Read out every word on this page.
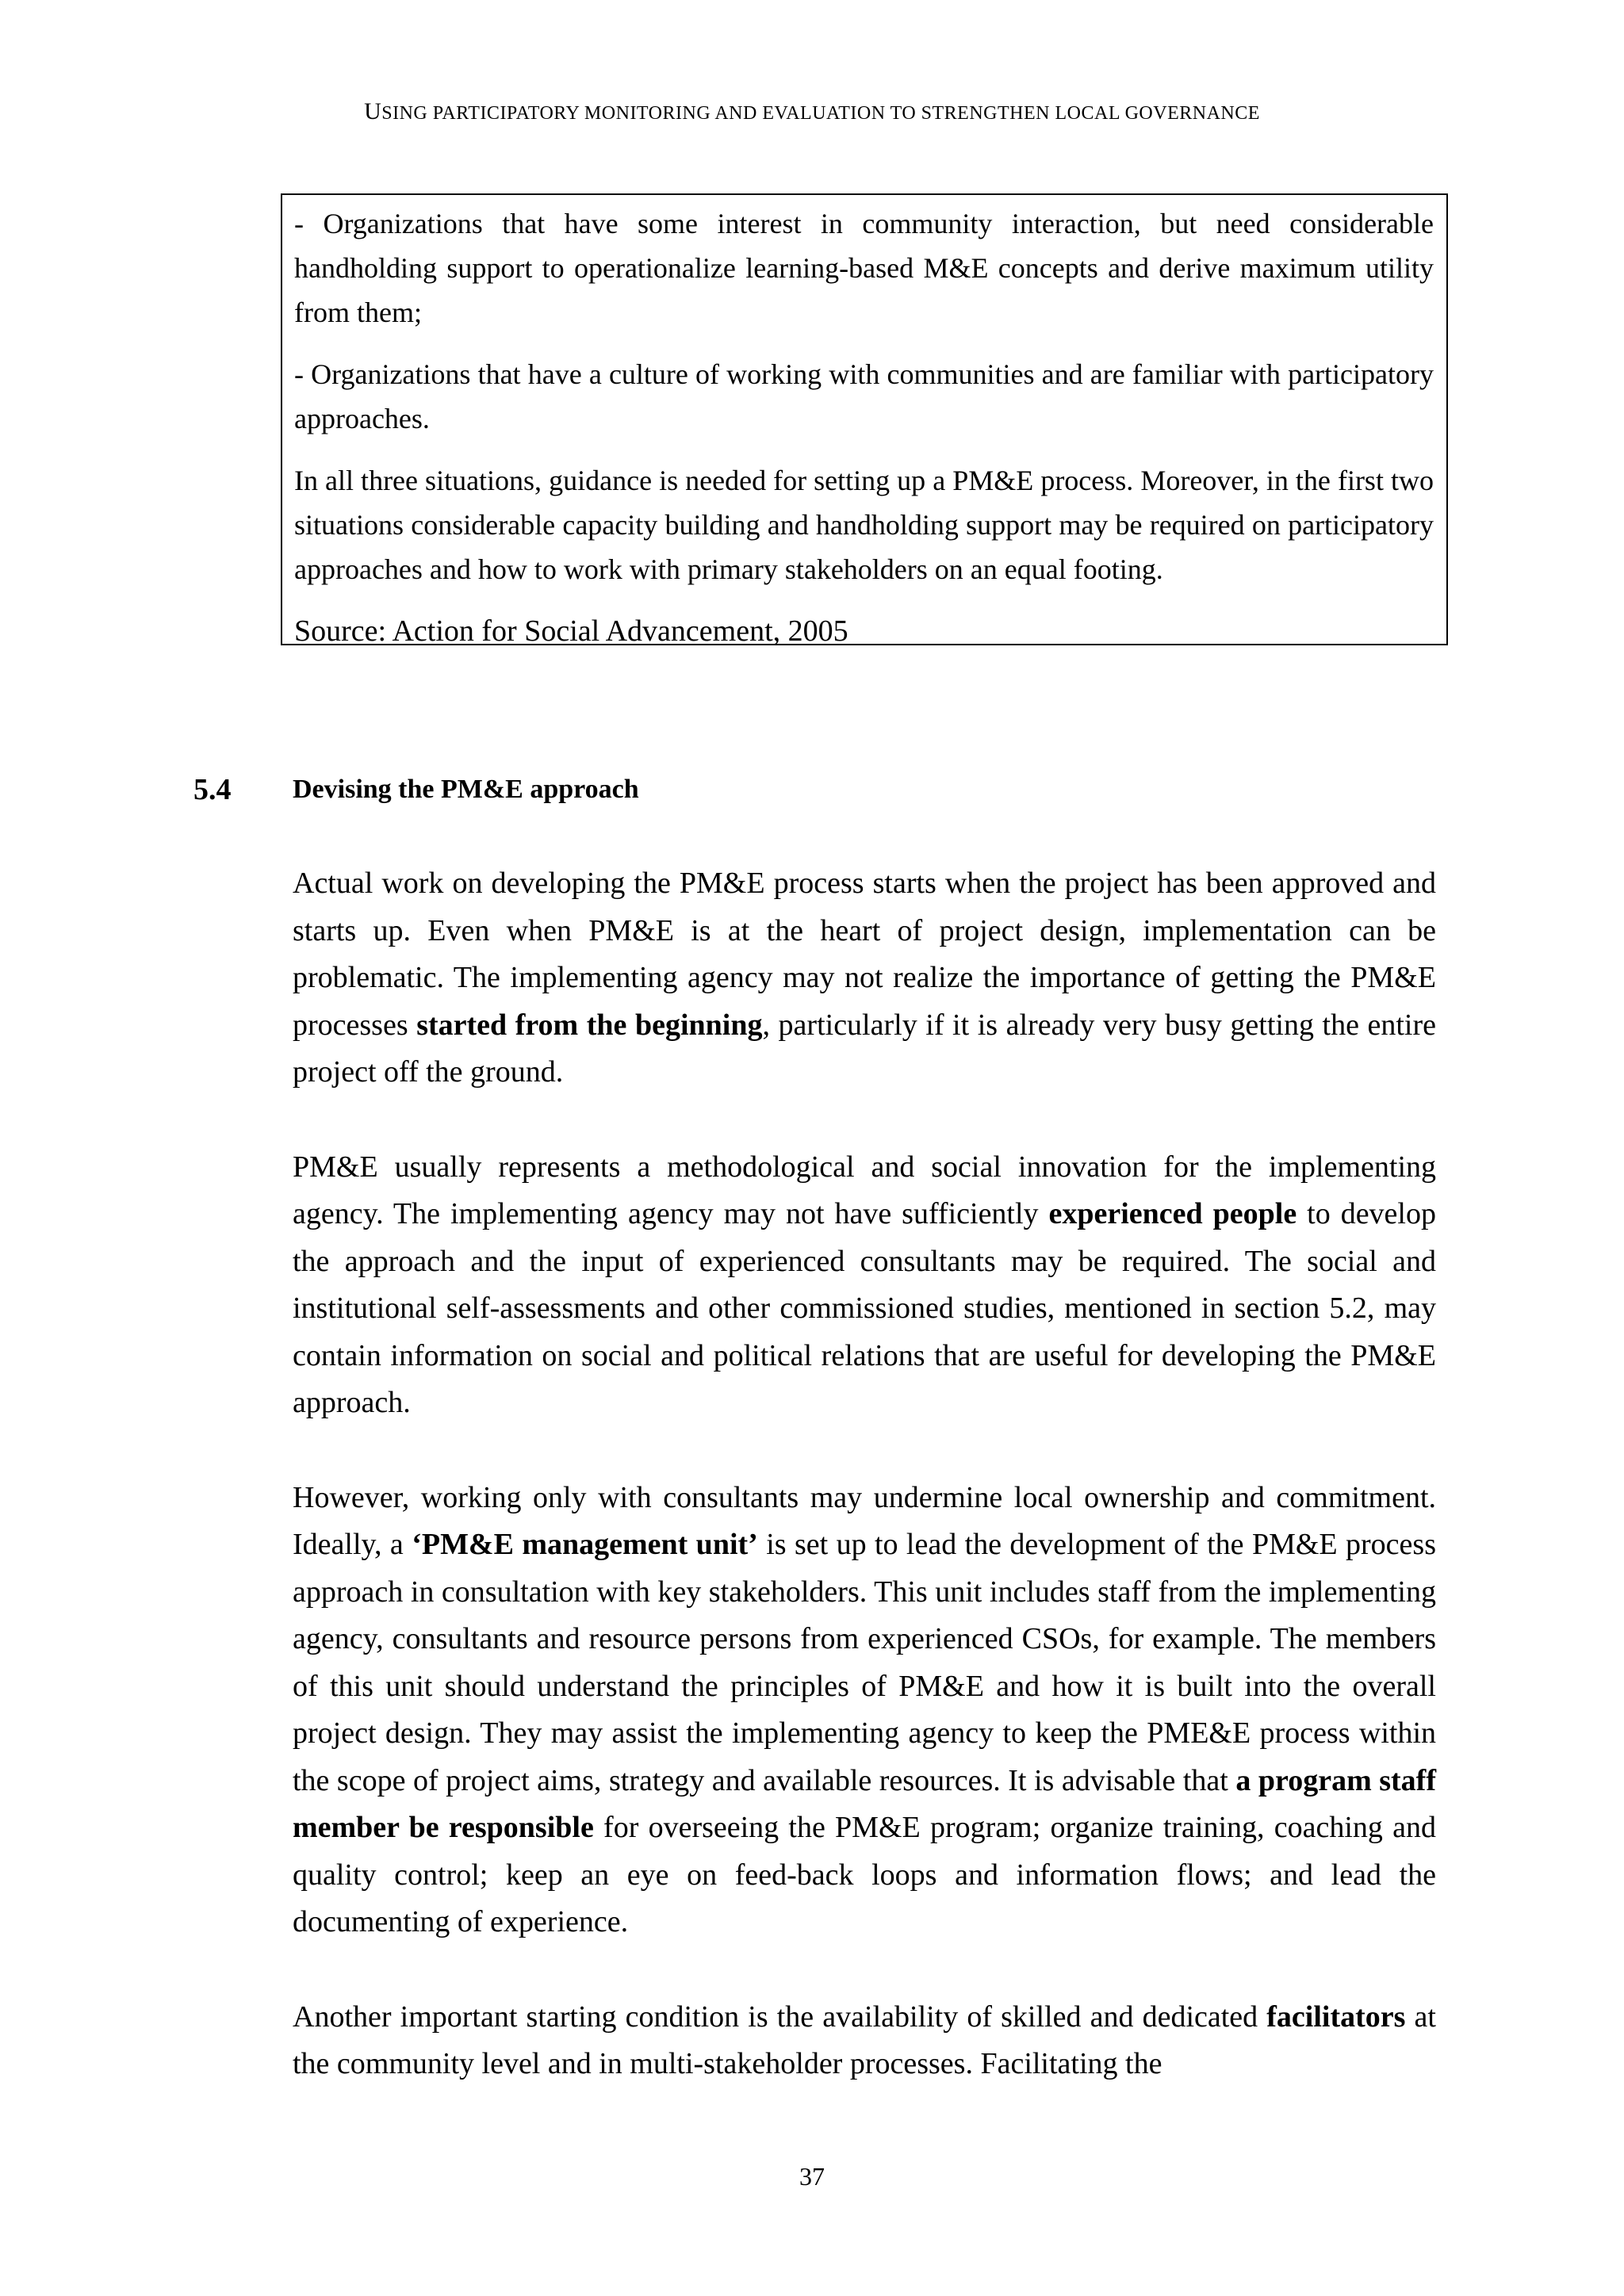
USING PARTICIPATORY MONITORING AND EVALUATION TO STRENGTHEN LOCAL GOVERNANCE

- Organizations that have some interest in community interaction, but need considerable handholding support to operationalize learning-based M&E concepts and derive maximum utility from them;

- Organizations that have a culture of working with communities and are familiar with participatory approaches.

In all three situations, guidance is needed for setting up a PM&E process. Moreover, in the first two situations considerable capacity building and handholding support may be required on participatory approaches and how to work with primary stakeholders on an equal footing.

Source: Action for Social Advancement, 2005

5.4 Devising the PM&E approach

Actual work on developing the PM&E process starts when the project has been approved and starts up. Even when PM&E is at the heart of project design, implementation can be problematic. The implementing agency may not realize the importance of getting the PM&E processes started from the beginning, particularly if it is already very busy getting the entire project off the ground.

PM&E usually represents a methodological and social innovation for the implementing agency. The implementing agency may not have sufficiently experienced people to develop the approach and the input of experienced consultants may be required. The social and institutional self-assessments and other commissioned studies, mentioned in section 5.2, may contain information on social and political relations that are useful for developing the PM&E approach.

However, working only with consultants may undermine local ownership and commitment. Ideally, a ‘PM&E management unit’ is set up to lead the development of the PM&E process approach in consultation with key stakeholders. This unit includes staff from the implementing agency, consultants and resource persons from experienced CSOs, for example. The members of this unit should understand the principles of PM&E and how it is built into the overall project design. They may assist the implementing agency to keep the PME&E process within the scope of project aims, strategy and available resources. It is advisable that a program staff member be responsible for overseeing the PM&E program; organize training, coaching and quality control; keep an eye on feed-back loops and information flows; and lead the documenting of experience.

Another important starting condition is the availability of skilled and dedicated facilitators at the community level and in multi-stakeholder processes. Facilitating the

37
